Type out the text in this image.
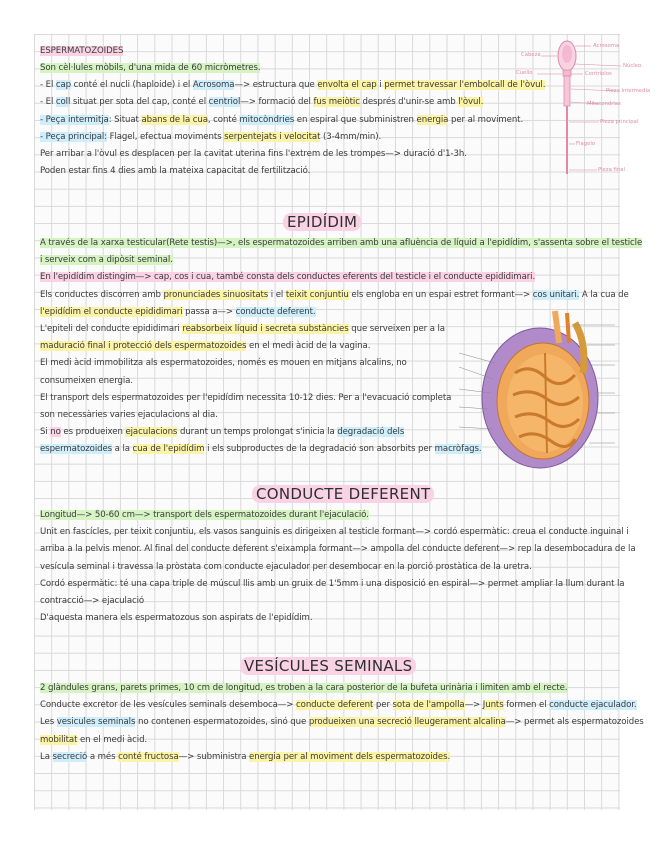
ESPERMATOZOIDES
Son cèl·lules mòbils, d'una mida de 60 micròmetres.
- El cap conté el nucli (haploide) i el Acrosoma—> estructura que envolta el cap i permet travessar l'embolcall de l'òvul.
- El coll situat per sota del cap, conté el centriol—> formació del fus meiòtic després d'unir-se amb l'òvul.
- Peça intermitja: Situat abans de la cua, conté mitocòndries en espiral que subministren energia per al moviment.
- Peça principal: Flagel, efectua moviments serpentejats i velocitat (3-4mm/min).
Per arribar a l'òvul es desplacen per la cavitat uterina fins l'extrem de les trompes—> duració d'1-3h.
Poden estar fins 4 dies amb la mateixa capacitat de fertilització.
Cabeza
Cuello
Acrosoma
Núcleo
Centriolos
Pieza intermedia
Mitocondrias
Pieza principal
Flagelo
Pieza final
EPIDÍDIM
A través de la xarxa testicular(Rete testis)—>, els espermatozoides arriben amb una afluència de líquid a l'epidídim, s'assenta sobre el testicle
i serveix com a dipòsit seminal.
En l'epidídim distingim—> cap, cos i cua, també consta dels conductes eferents del testicle i el conducte epididimari.
Els conductes discorren amb pronunciades sinuositats i el teixit conjuntiu els engloba en un espai estret formant—> cos unitari. A la cua de
l'epidídim el conducte epididimari passa a—> conducte deferent.
L'epiteli del conducte epididimari reabsorbeix líquid i secreta substàncies que serveixen per a la
maduració final i protecció dels espermatozoides en el medi àcid de la vagina.
El medi àcid immobilitza als espermatozoides, només es mouen en mitjans alcalins, no
consumeixen energia.
El transport dels espermatozoides per l'epidídim necessita 10-12 dies. Per a l'evacuació completa
son necessàries varies ejaculacions al dia.
Si no es produeixen ejaculacions durant un temps prolongat s'inicia la degradació dels
espermatozoides a la cua de l'epidídim i els subproductes de la degradació son absorbits per macròfags.
CONDUCTE DEFERENT
Longitud—> 50-60 cm—> transport dels espermatozoides durant l'ejaculació.
Unit en fascícles, per teixit conjuntiu, els vasos sanguinis es dirigeixen al testicle formant—> cordó espermàtic: creua el conducte inguinal i
arriba a la pelvis menor. Al final del conducte deferent s'eixampla formant—> ampolla del conducte deferent—> rep la desembocadura de la
vesícula seminal i travessa la pròstata com conducte ejaculador per desembocar en la porció prostàtica de la uretra.
Cordó espermàtic: té una capa triple de múscul llis amb un gruix de 1'5mm i una disposició en espiral—> permet ampliar la llum durant la
contracció—> ejaculació
D'aquesta manera els espermatozous son aspirats de l'epidídim.
VESÍCULES SEMINALS
2 glàndules grans, parets primes, 10 cm de longitud, es troben a la cara posterior de la bufeta urinària i limiten amb el recte.
Conducte excretor de les vesícules seminals desemboca—> conducte deferent per sota de l'ampolla—> Junts formen el conducte ejaculador.
Les vesicules seminals no contenen espermatozoides, sinó que produeixen una secreció lleugerament alcalina—> permet als espermatozoides
mobilitat en el medi àcid.
La secreció a més conté fructosa—> subministra energia per al moviment dels espermatozoides.
